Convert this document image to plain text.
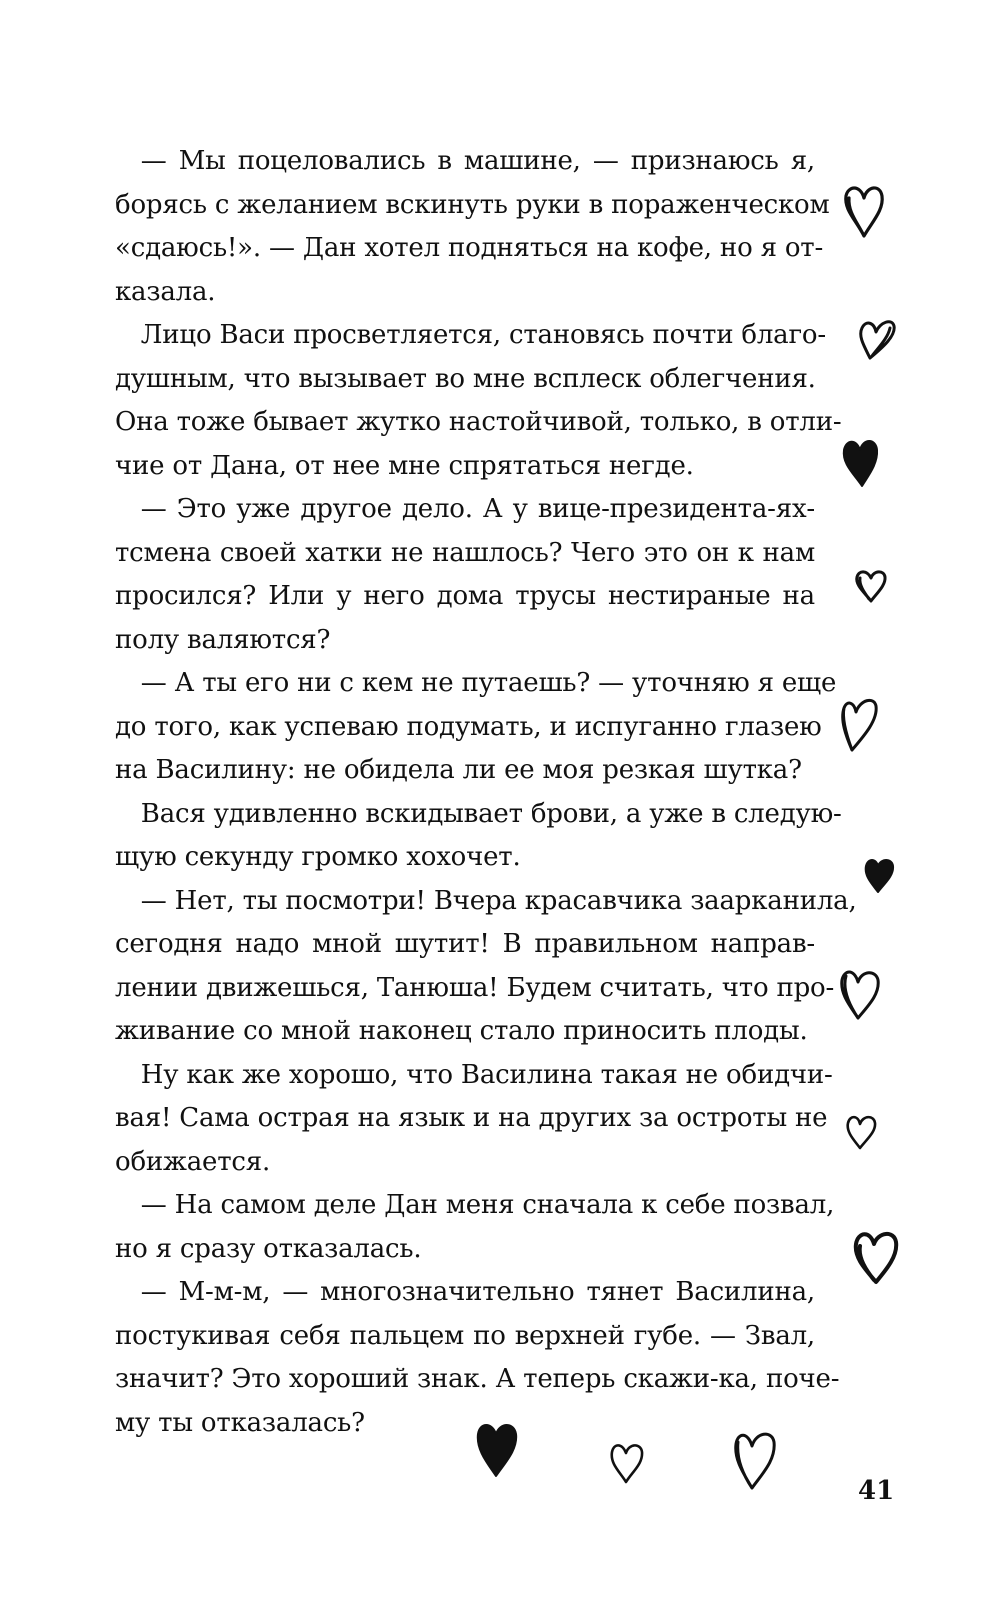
 — Мы поцеловались в машине, — признаюсь я,
борясь с желанием вскинуть руки в пораженческом
«сдаюсь!». — Дан хотел подняться на кофе, но я от-
казала.
 Лицо Васи просветляется, становясь почти благо-
душным, что вызывает во мне всплеск облегчения.
Она тоже бывает жутко настойчивой, только, в отли-
чие от Дана, от нее мне спрятаться негде.
 — Это уже другое дело. А у вице-президента-ях-
тсмена своей хатки не нашлось? Чего это он к нам
просился? Или у него дома трусы нестираные на
полу валяются?
 — А ты его ни с кем не путаешь? — уточняю я еще
до того, как успеваю подумать, и испуганно глазею
на Василину: не обидела ли ее моя резкая шутка?
 Вася удивленно вскидывает брови, а уже в следую-
щую секунду громко хохочет.
 — Нет, ты посмотри! Вчера красавчика заарканила,
сегодня надо мной шутит! В правильном направ-
лении движешься, Танюша! Будем считать, что про-
живание со мной наконец стало приносить плоды.
 Ну как же хорошо, что Василина такая не обидчи-
вая! Сама острая на язык и на других за остроты не
обижается.
 — На самом деле Дан меня сначала к себе позвал,
но я сразу отказалась.
 — М-м-м, — многозначительно тянет Василина,
постукивая себя пальцем по верхней губе. — Звал,
значит? Это хороший знак. А теперь скажи-ка, поче-
му ты отказалась?
41
